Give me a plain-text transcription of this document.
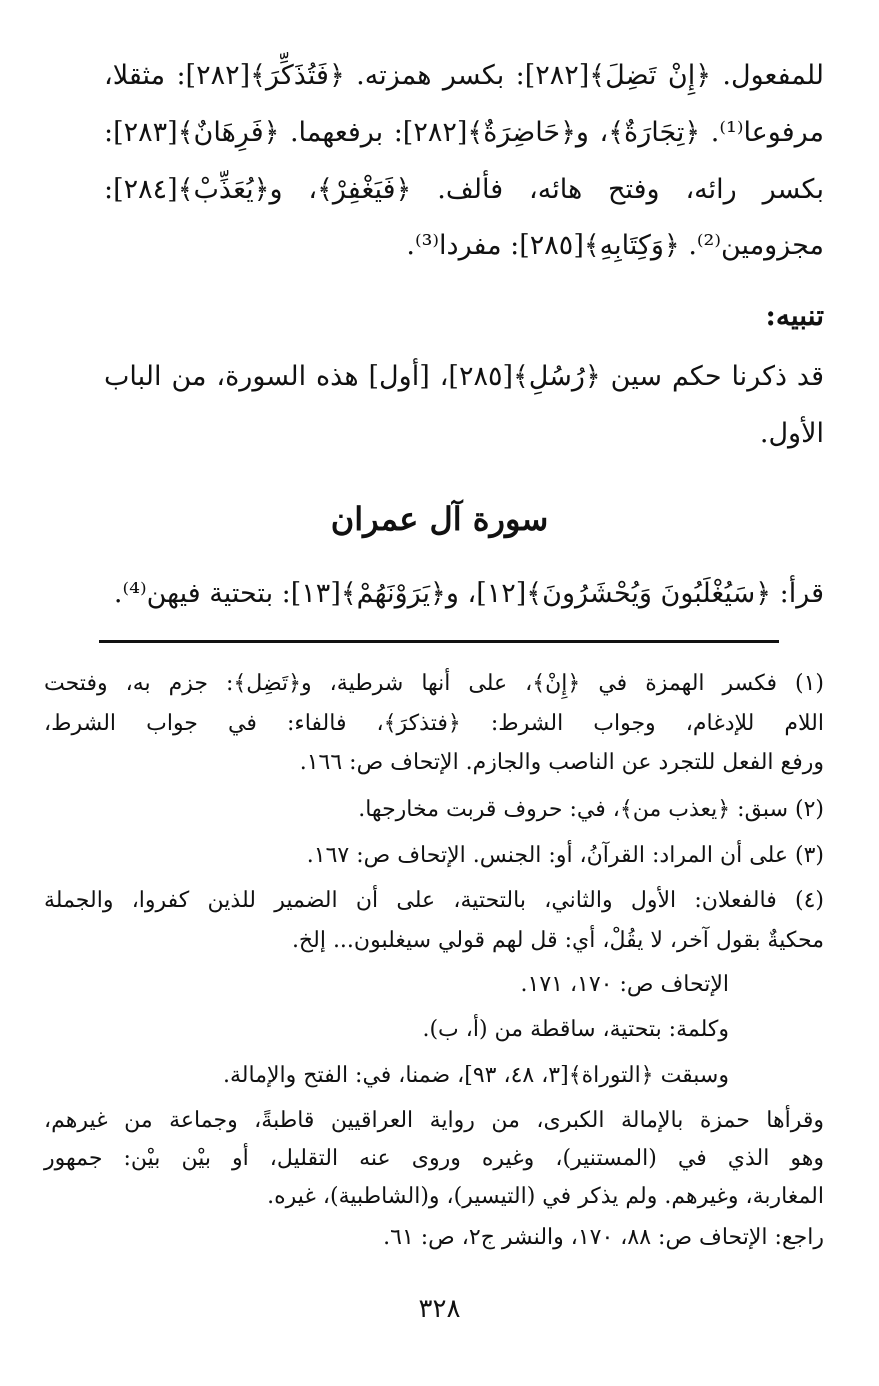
للمفعول. ﴿إِنْ تَضِلَ﴾[٢٨٢]: بكسر همزته. ﴿فَتُذَكِّرَ﴾[٢٨٢]: مثقلا،
مرفوعا⁽¹⁾. ﴿تِجَارَةٌ﴾، و﴿حَاضِرَةٌ﴾[٢٨٢]: برفعهما. ﴿فَرِهَانٌ﴾[٢٨٣]:
بكسر رائه، وفتح هائه، فألف. ﴿فَيَغْفِرْ﴾، و﴿يُعَذِّبْ﴾[٢٨٤]:
مجزومين⁽²⁾. ﴿وَكِتَابِهِ﴾[٢٨٥]: مفردا⁽³⁾.
تنبيه:
قد ذكرنا حكم سين ﴿رُسُلِ﴾[٢٨٥]، [أول] هذه السورة، من الباب
الأول.
سورة آل عمران
قرأ: ﴿سَيُغْلَبُونَ وَيُحْشَرُونَ﴾[١٢]، و﴿يَرَوْنَهُمْ﴾[١٣]: بتحتية فيهن⁽⁴⁾.
(١) فكسر الهمزة في ﴿إِنْ﴾، على أنها شرطية، و﴿تَضِل﴾: جزم به، وفتحت
اللام للإدغام، وجواب الشرط: ﴿فتذكرَ﴾، فالفاء: في جواب الشرط،
ورفع الفعل للتجرد عن الناصب والجازم. الإتحاف ص: ١٦٦.
(٢) سبق: ﴿يعذب من﴾، في: حروف قربت مخارجها.
(٣) على أن المراد: القرآنُ، أو: الجنس. الإتحاف ص: ١٦٧.
(٤) فالفعلان: الأول والثاني، بالتحتية، على أن الضمير للذين كفروا، والجملة
محكيةٌ بقول آخر، لا يقُلْ، أي: قل لهم قولي سيغلبون... إلخ.
الإتحاف ص: ١٧٠، ١٧١.
وكلمة: بتحتية، ساقطة من (أ، ب).
وسبقت ﴿التوراة﴾[٣، ٤٨، ٩٣]، ضمنا، في: الفتح والإمالة.
وقرأها حمزة بالإمالة الكبرى، من رواية العراقيين قاطبةً، وجماعة من غيرهم،
وهو الذي في (المستنير)، وغيره وروى عنه التقليل، أو بيْن بيْن: جمهور
المغاربة، وغيرهم. ولم يذكر في (التيسير)، و(الشاطبية)، غيره.
راجع: الإتحاف ص: ٨٨، ١٧٠، والنشر ج٢، ص: ٦١.
٣٢٨
